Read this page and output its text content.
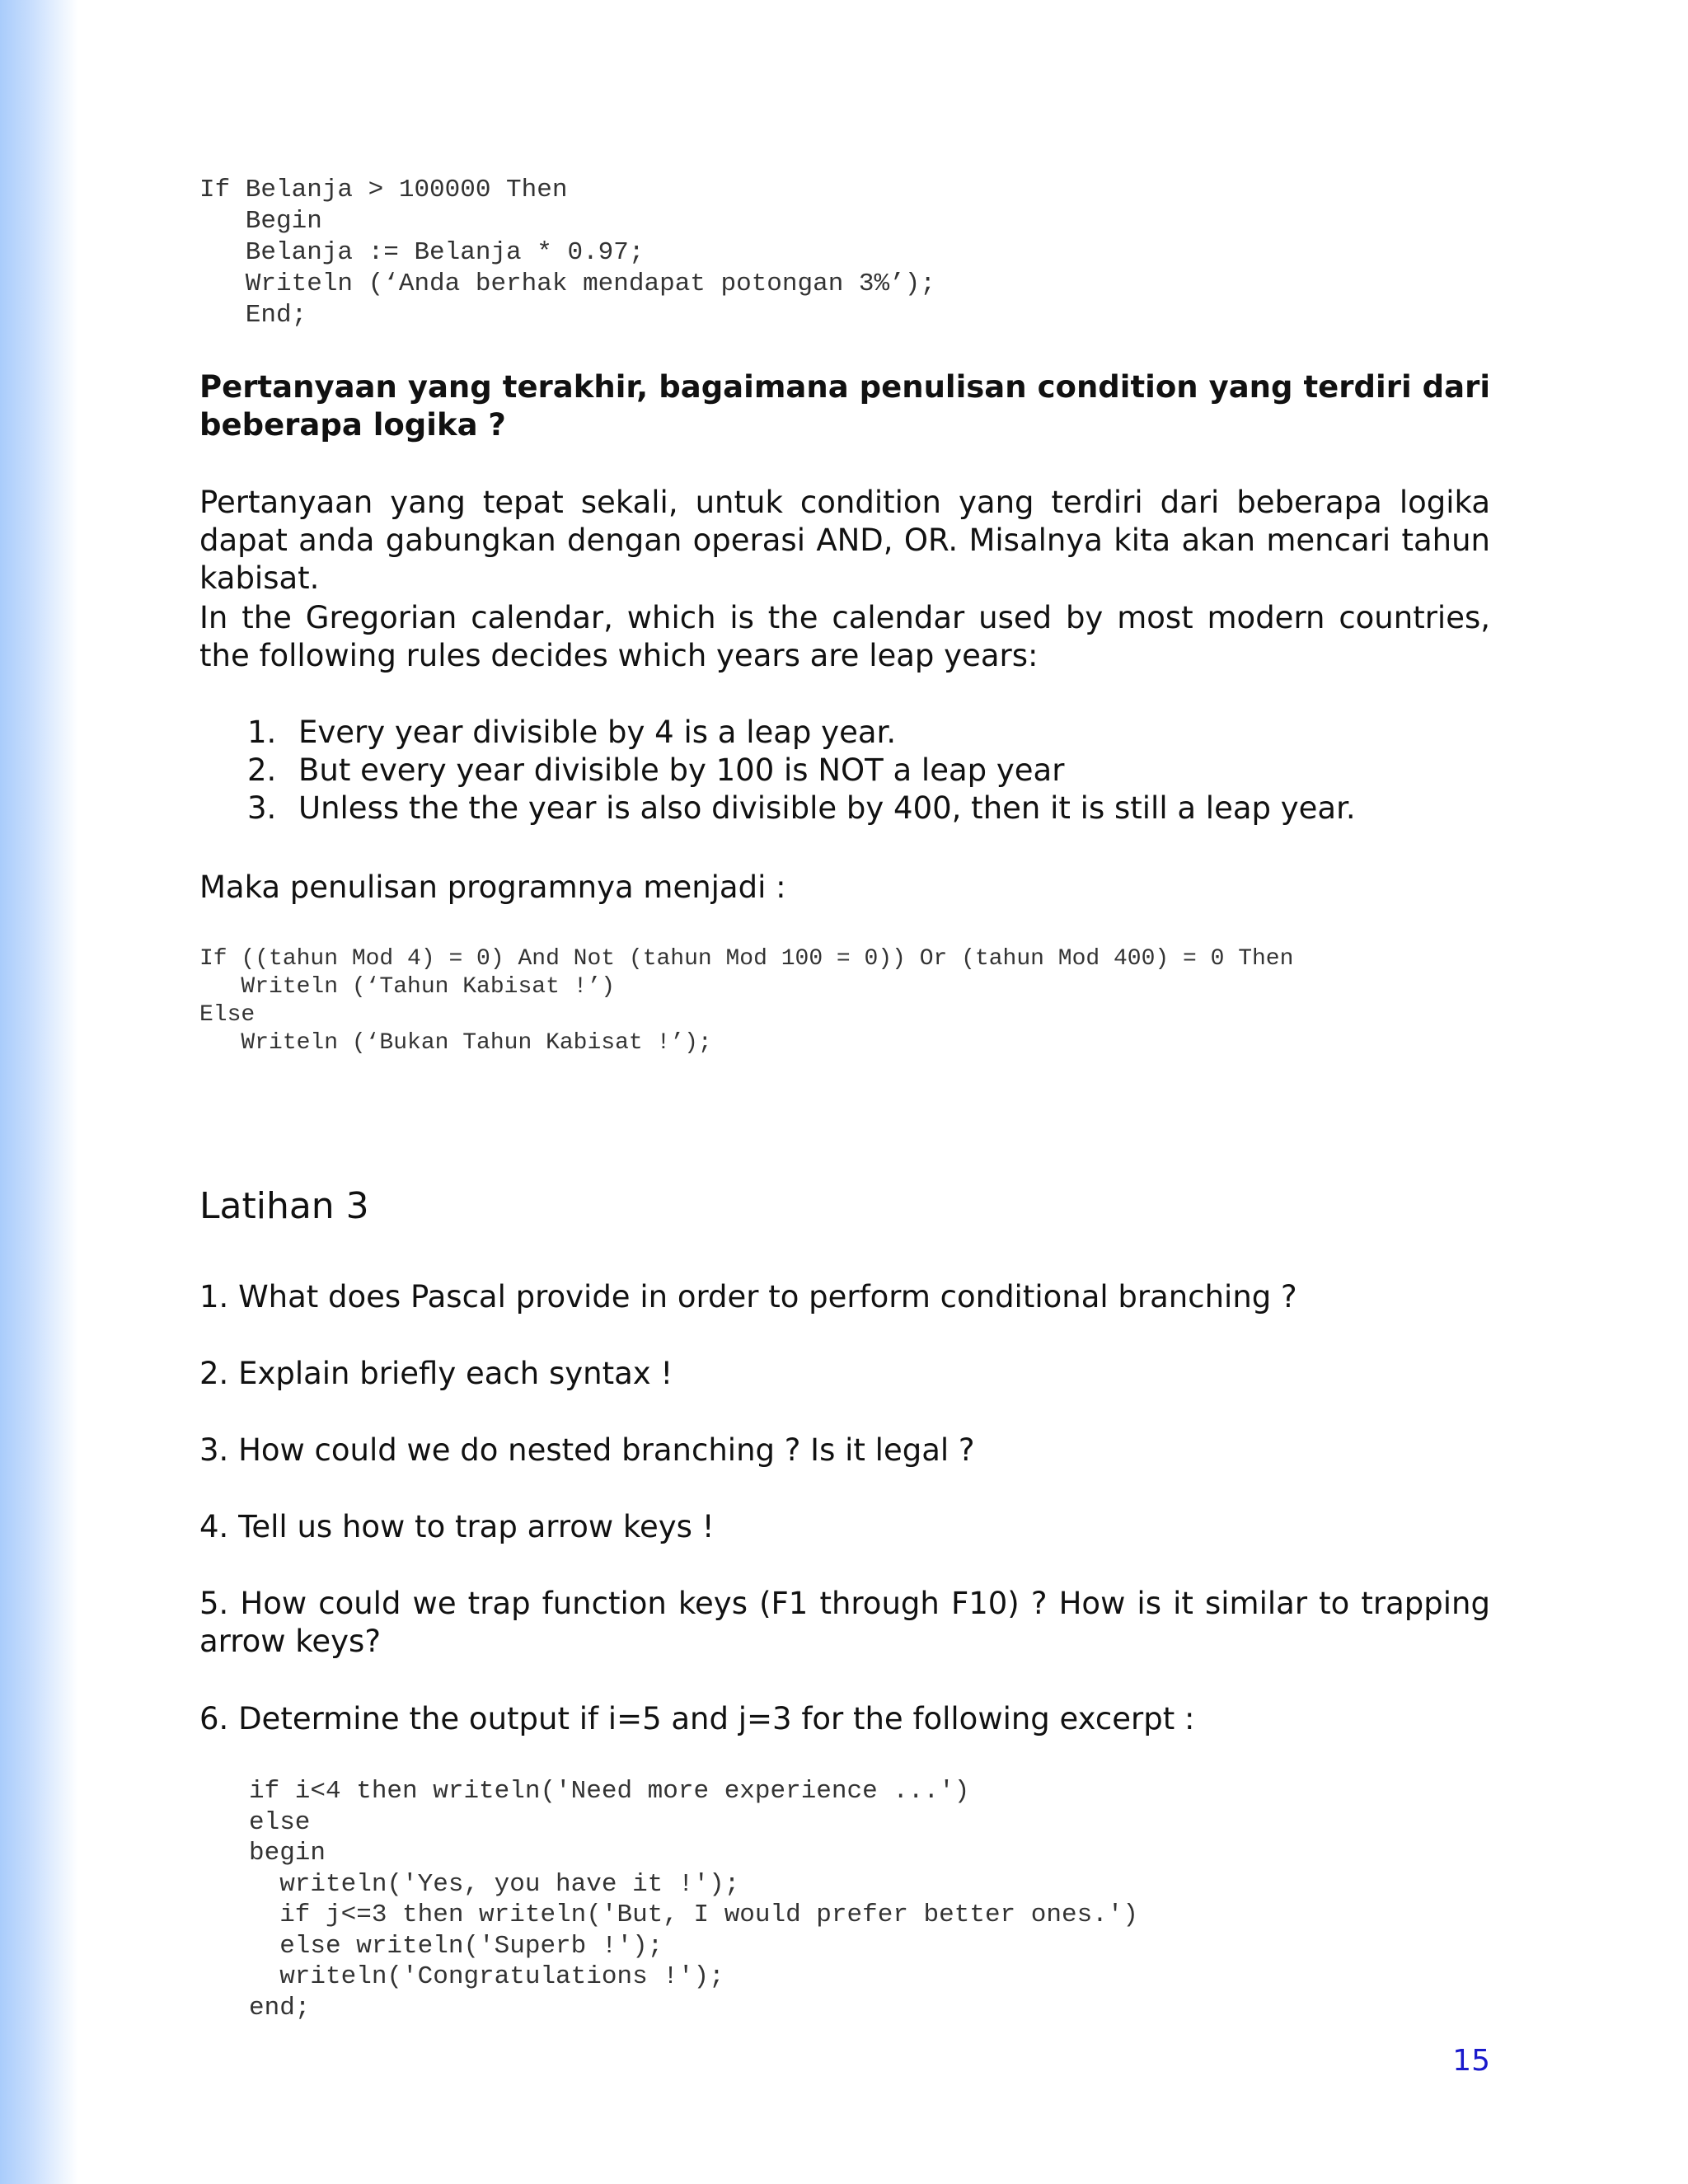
If Belanja > 100000 Then
Begin
Belanja := Belanja * 0.97;
Writeln (‘Anda berhak mendapat potongan 3%’);
End;

Pertanyaan yang terakhir, bagaimana penulisan condition yang terdiri dari beberapa logika ?

Pertanyaan yang tepat sekali, untuk condition yang terdiri dari beberapa logika dapat anda gabungkan dengan operasi AND, OR. Misalnya kita akan mencari tahun kabisat.

In the Gregorian calendar, which is the calendar used by most modern countries, the following rules decides which years are leap years:

1. Every year divisible by 4 is a leap year.
2. But every year divisible by 100 is NOT a leap year
3. Unless the the year is also divisible by 400, then it is still a leap year.

Maka penulisan programnya menjadi :

If ((tahun Mod 4) = 0) And Not (tahun Mod 100 = 0)) Or (tahun Mod 400) = 0 Then
Writeln (‘Tahun Kabisat !’)
Else
Writeln (‘Bukan Tahun Kabisat !’);
Latihan 3

1. What does Pascal provide in order to perform conditional branching ?

2. Explain briefly each syntax !

3. How could we do nested branching ? Is it legal ?

4. Tell us how to trap arrow keys !

5. How could we trap function keys (F1 through F10) ? How is it similar to trapping arrow keys?

6. Determine the output if i=5 and j=3 for the following excerpt :

if i<4 then writeln('Need more experience ...')
else
begin
writeln('Yes, you have it !');
if j<=3 then writeln('But, I would prefer better ones.')
else writeln('Superb !');
writeln('Congratulations !');
end;
15
